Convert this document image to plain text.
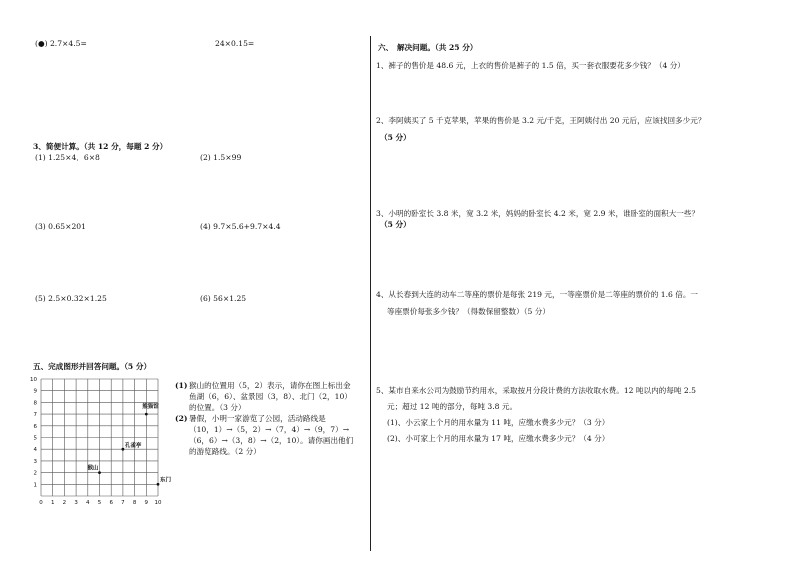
(●) 2.7×4.5=	24×0.15=
3、简便计算。（共 12 分，每题 2 分）
(1) 1.25×4．6×8	(2) 1.5×99
(3) 0.65×201	(4) 9.7×5.6+9.7×4.4
(5) 2.5×0.32×1.25	(6) 56×1.25
五、完成图形并回答问题。（5 分）
0 1 2 3 4 5 6 7 8 9 10
1
2
3
4
5
6
7
8
9
10
猴山
孔雀亭
熊猫馆
东门
(1) 猴山的位置用（5，2）表示，请你在图上标出金
鱼湖（6，6）、盆景园（3，8）、北门（2，10）
的位置。（3 分）
(2) 暑假，小明一家游览了公园，活动路线是
（10，1）→（5，2）→（7，4）→（9，7）→
（6，6）→（3，8）→（2，10）。请你画出他们
的游览路线。（2 分）
六、　解决问题。（共 25 分）
1、裤子的售价是 48.6 元，上衣的售价是裤子的 1.5 倍，买一套衣服要花多少钱？（4 分）
2、李阿姨买了 5 千克苹果，苹果的售价是 3.2 元/千克，王阿姨付出 20 元后，应该找回多少元？
（5 分）
3、小明的卧室长 3.8 米，宽 3.2 米，妈妈的卧室长 4.2 米，宽 2.9 米，谁卧室的面积大一些？
（5 分）
4、从长春到大连的动车二等座的票价是每张 219 元，一等座票价是二等座的票价的 1.6 倍。一
等座票价每张多少钱？（得数保留整数）（5 分）
5、某市自来水公司为鼓励节约用水，采取按月分段计费的方法收取水费。12 吨以内的每吨 2.5
元；超过 12 吨的部分，每吨 3.8 元。
(1)、小云家上个月的用水量为 11 吨，应缴水费多少元？（3 分）
(2)、小可家上个月的用水量为 17 吨，应缴水费多少元？（4 分）
